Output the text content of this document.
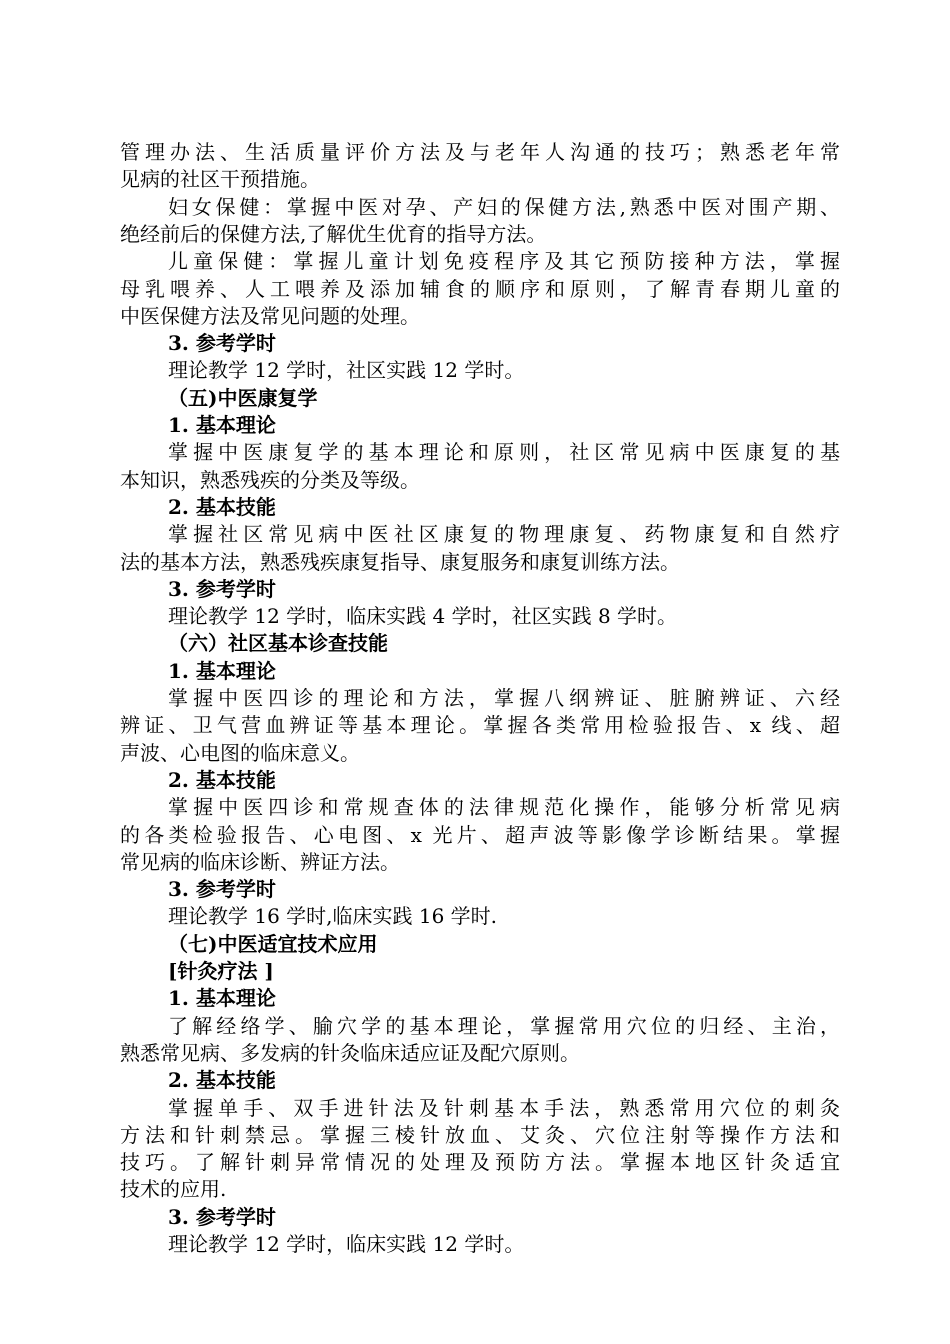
管理办法、生活质量评价方法及与老年人沟通的技巧；熟悉老年常
见病的社区干预措施。
妇女保健：掌握中医对孕、产妇的保健方法,熟悉中医对围产期、
绝经前后的保健方法,了解优生优育的指导方法。
儿童保健：掌握儿童计划免疫程序及其它预防接种方法，掌握
母乳喂养、人工喂养及添加辅食的顺序和原则，了解青春期儿童的
中医保健方法及常见问题的处理。
3. 参考学时
理论教学 12 学时，社区实践 12 学时。
（五)中医康复学
1. 基本理论
掌握中医康复学的基本理论和原则，社区常见病中医康复的基
本知识，熟悉残疾的分类及等级。
2. 基本技能
掌握社区常见病中医社区康复的物理康复、药物康复和自然疗
法的基本方法，熟悉残疾康复指导、康复服务和康复训练方法。
3. 参考学时
理论教学 12 学时，临床实践 4 学时，社区实践 8 学时。
（六）社区基本诊查技能
1. 基本理论
掌握中医四诊的理论和方法，掌握八纲辨证、脏腑辨证、六经
辨证、卫气营血辨证等基本理论。掌握各类常用检验报告、x 线、超
声波、心电图的临床意义。
2. 基本技能
掌握中医四诊和常规查体的法律规范化操作，能够分析常见病
的各类检验报告、心电图、x 光片、超声波等影像学诊断结果。掌握
常见病的临床诊断、辨证方法。
3. 参考学时
理论教学 16 学时,临床实践 16 学时.
（七)中医适宜技术应用
[针灸疗法 ]
1. 基本理论
了解经络学、腧穴学的基本理论，掌握常用穴位的归经、主治，
熟悉常见病、多发病的针灸临床适应证及配穴原则。
2. 基本技能
掌握单手、双手进针法及针刺基本手法，熟悉常用穴位的刺灸
方法和针刺禁忌。掌握三棱针放血、艾灸、穴位注射等操作方法和
技巧。了解针刺异常情况的处理及预防方法。掌握本地区针灸适宜
技术的应用.
3. 参考学时
理论教学 12 学时，临床实践 12 学时。
